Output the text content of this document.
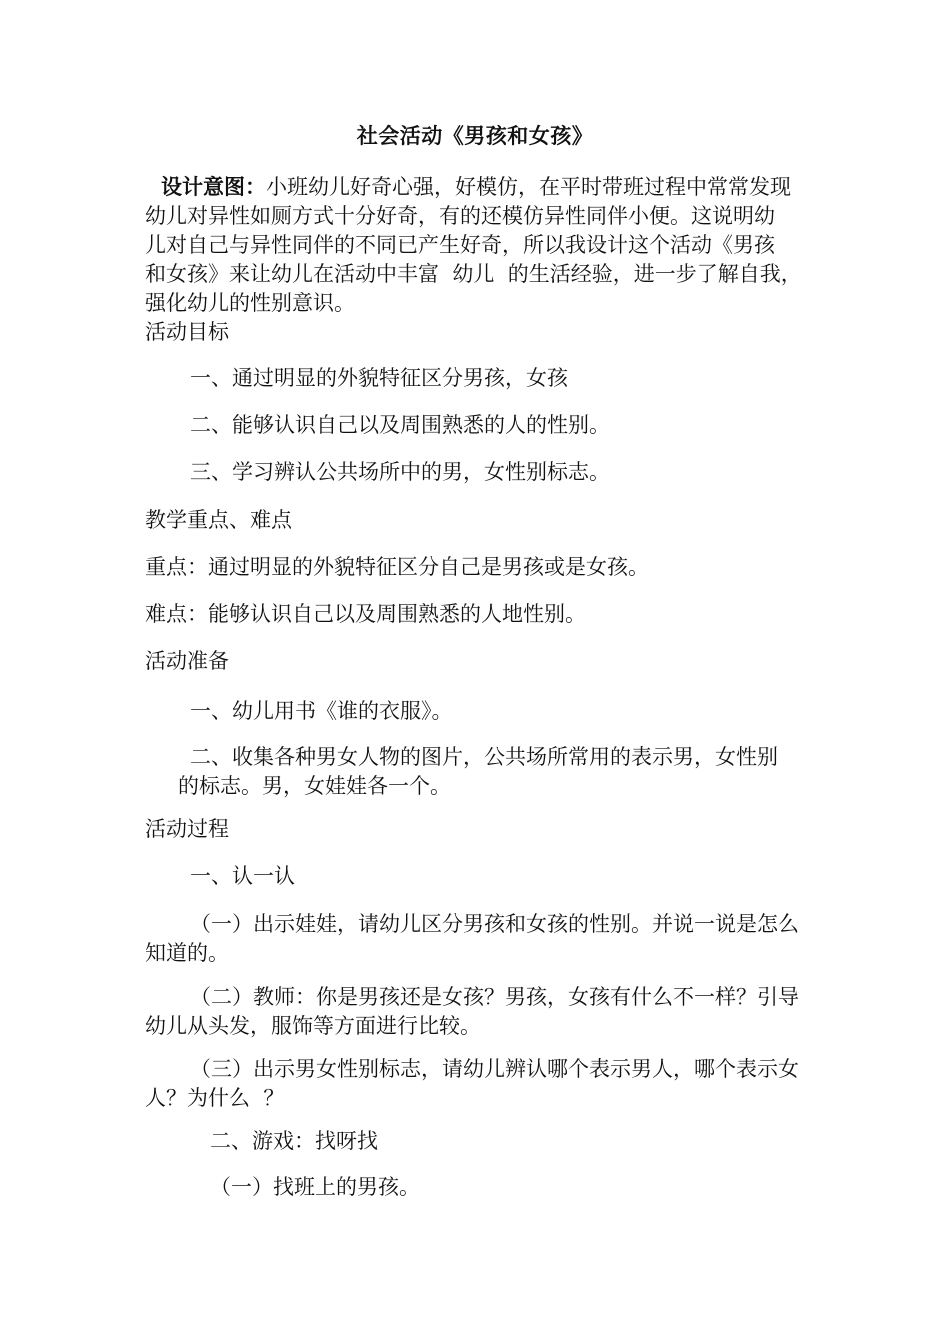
社会活动《男孩和女孩》
设计意图：小班幼儿好奇心强，好模仿，在平时带班过程中常常发现
幼儿对异性如厕方式十分好奇，有的还模仿异性同伴小便。这说明幼
儿对自己与异性同伴的不同已产生好奇，所以我设计这个活动《男孩
和女孩》来让幼儿在活动中丰富  幼儿  的生活经验，进一步了解自我，
强化幼儿的性别意识。
活动目标
一、通过明显的外貌特征区分男孩，女孩
二、能够认识自己以及周围熟悉的人的性别。
三、学习辨认公共场所中的男，女性别标志。
教学重点、难点
重点：通过明显的外貌特征区分自己是男孩或是女孩。
难点：能够认识自己以及周围熟悉的人地性别。
活动准备
一、幼儿用书《谁的衣服》。
二、收集各种男女人物的图片，公共场所常用的表示男，女性别
的标志。男，女娃娃各一个。
活动过程
一、认一认
（一）出示娃娃，请幼儿区分男孩和女孩的性别。并说一说是怎么
知道的。
（二）教师：你是男孩还是女孩？男孩，女孩有什么不一样？引导
幼儿从头发，服饰等方面进行比较。
（三）出示男女性别标志，请幼儿辨认哪个表示男人，哪个表示女
人？为什么  ？
二、游戏：找呀找
（一）找班上的男孩。
